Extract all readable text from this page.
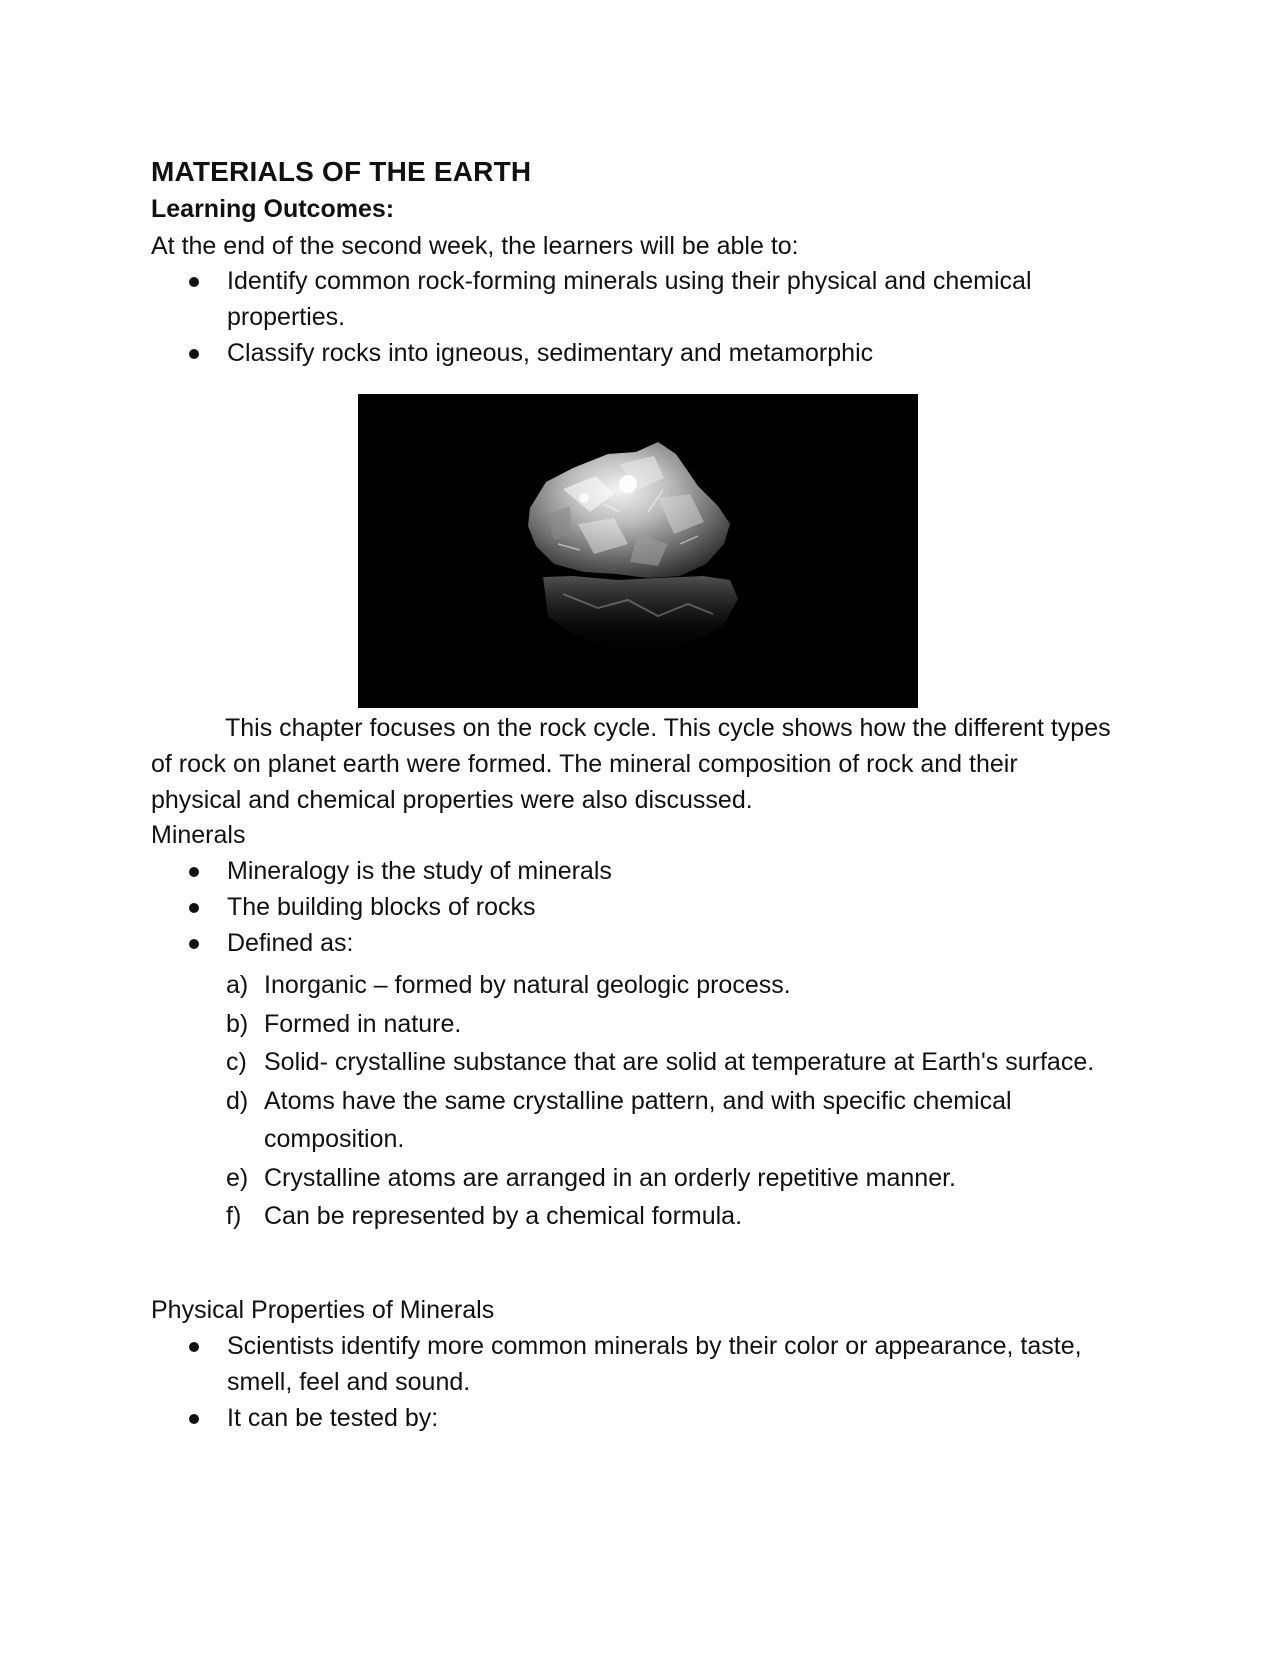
MATERIALS OF THE EARTH
Learning Outcomes:
At the end of the second week, the learners will be able to:
Identify common rock-forming minerals using their physical and chemical properties.
Classify rocks into igneous, sedimentary and metamorphic

This chapter focuses on the rock cycle. This cycle shows how the different types of rock on planet earth were formed. The mineral composition of rock and their physical and chemical properties were also discussed.

Minerals
Mineralogy is the study of minerals
The building blocks of rocks
Defined as:
a) Inorganic – formed by natural geologic process.
b) Formed in nature.
c) Solid- crystalline substance that are solid at temperature at Earth's surface.
d) Atoms have the same crystalline pattern, and with specific chemical composition.
e) Crystalline atoms are arranged in an orderly repetitive manner.
f) Can be represented by a chemical formula.
Physical Properties of Minerals
Scientists identify more common minerals by their color or appearance, taste, smell, feel and sound.
It can be tested by:
